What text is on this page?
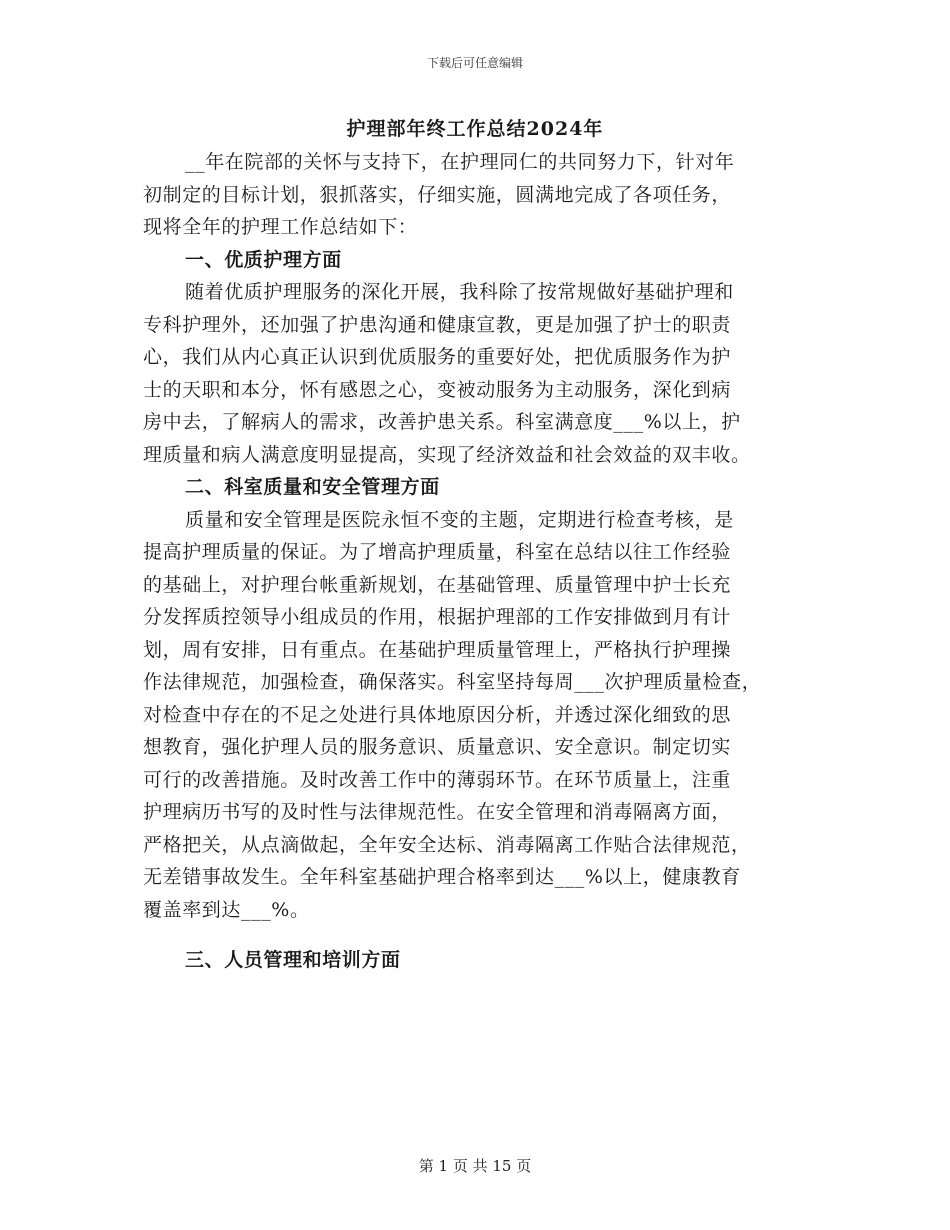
下载后可任意编辑
护理部年终工作总结2024年
__年在院部的关怀与支持下，在护理同仁的共同努力下，针对年
初制定的目标计划，狠抓落实，仔细实施，圆满地完成了各项任务，
现将全年的护理工作总结如下：
一、优质护理方面
随着优质护理服务的深化开展，我科除了按常规做好基础护理和
专科护理外，还加强了护患沟通和健康宣教，更是加强了护士的职责
心，我们从内心真正认识到优质服务的重要好处，把优质服务作为护
士的天职和本分，怀有感恩之心，变被动服务为主动服务，深化到病
房中去，了解病人的需求，改善护患关系。科室满意度___%以上，护
理质量和病人满意度明显提高，实现了经济效益和社会效益的双丰收。
二、科室质量和安全管理方面
质量和安全管理是医院永恒不变的主题，定期进行检查考核，是
提高护理质量的保证。为了增高护理质量，科室在总结以往工作经验
的基础上，对护理台帐重新规划，在基础管理、质量管理中护士长充
分发挥质控领导小组成员的作用，根据护理部的工作安排做到月有计
划，周有安排，日有重点。在基础护理质量管理上，严格执行护理操
作法律规范，加强检查，确保落实。科室坚持每周___次护理质量检查，
对检查中存在的不足之处进行具体地原因分析，并透过深化细致的思
想教育，强化护理人员的服务意识、质量意识、安全意识。制定切实
可行的改善措施。及时改善工作中的薄弱环节。在环节质量上，注重
护理病历书写的及时性与法律规范性。在安全管理和消毒隔离方面，
严格把关，从点滴做起，全年安全达标、消毒隔离工作贴合法律规范，
无差错事故发生。全年科室基础护理合格率到达___%以上，健康教育
覆盖率到达___%。
三、人员管理和培训方面
第 1 页 共 15 页
